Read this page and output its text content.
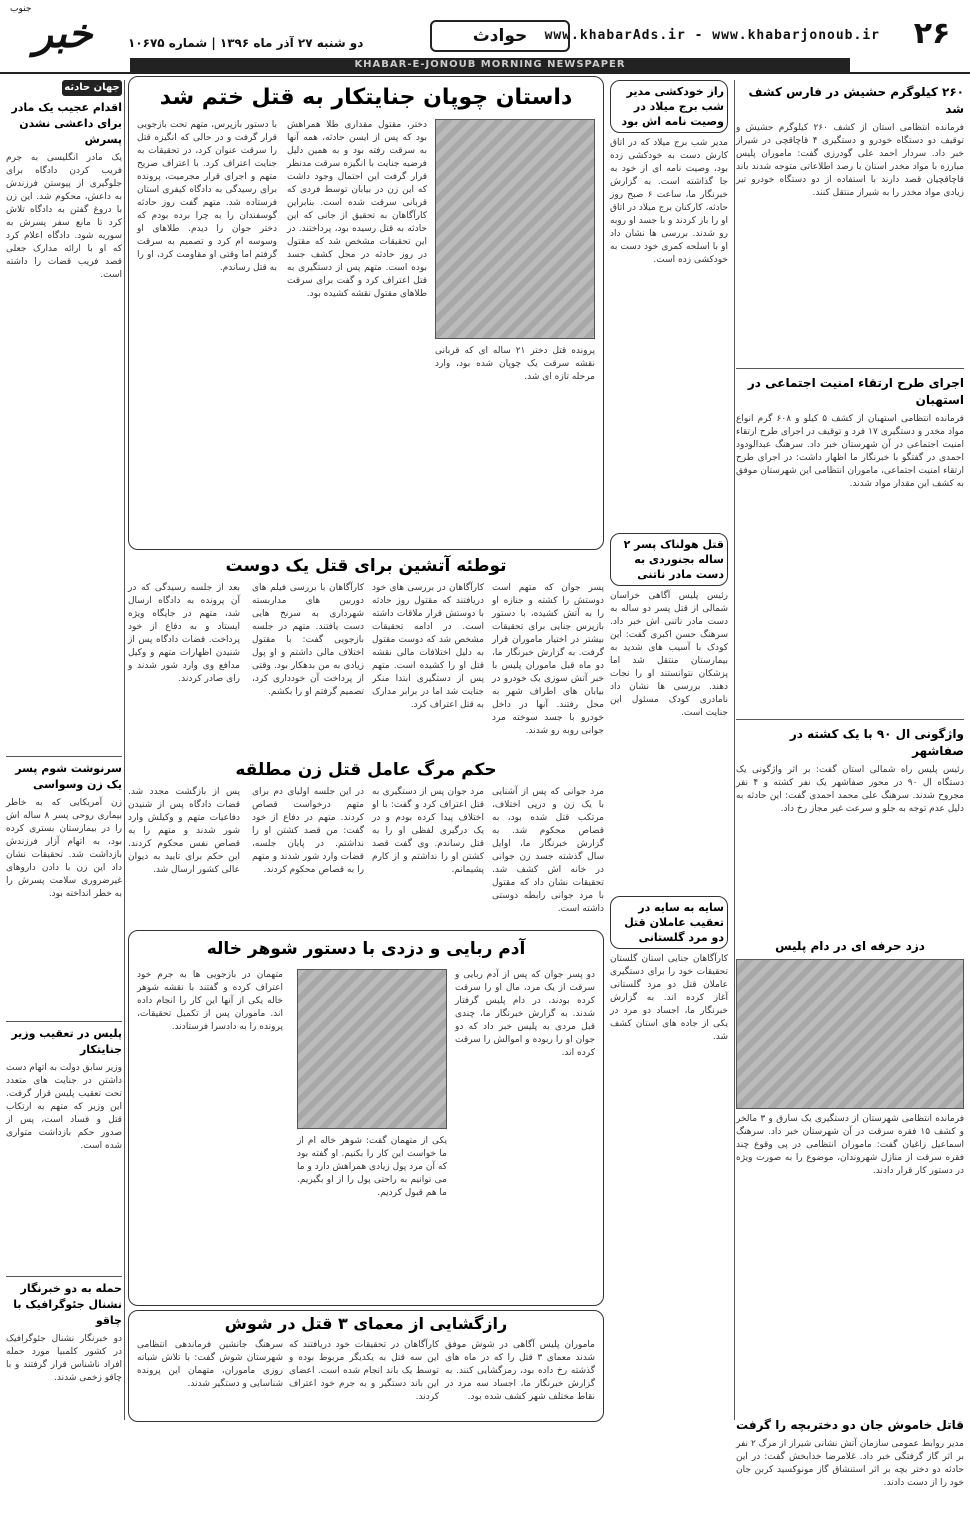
۲۶
www.khabarAds.ir - www.khabarjonoub.ir
حوادث
دو شنبه ۲۷ آذر ماه ۱۳۹۶ | شماره ۱۰۶۷۵
خبر
جنوب
KHABAR-E-JONOUB MORNING NEWSPAPER
۲۶۰ کیلوگرم حشیش در فارس کشف شد
فرمانده انتظامی استان از کشف ۲۶۰ کیلوگرم حشیش و توقیف دو دستگاه خودرو و دستگیری ۴ قاچاقچی در شیراز خبر داد. سردار احمد علی گودرزی گفت: ماموران پلیس مبارزه با مواد مخدر استان با رصد اطلاعاتی متوجه شدند باند قاچاقچیان قصد دارند با استفاده از دو دستگاه خودرو تیر زیادی مواد مخدر را به شیراز منتقل کنند.
اجرای طرح ارتقاء امنیت اجتماعی در استهبان
فرمانده انتظامی استهبان از کشف ۵ کیلو و ۶۰۸ گرم انواع مواد مخدر و دستگیری ۱۷ فرد و توقیف در اجرای طرح ارتقاء امنیت اجتماعی در آن شهرستان خبر داد. سرهنگ عبدالودود احمدی در گفتگو با خبرنگار ما اظهار داشت: در اجرای طرح ارتقاء امنیت اجتماعی، ماموران انتظامی این شهرستان موفق به کشف این مقدار مواد شدند.
واژگونی ال ۹۰ با یک کشته در صفاشهر
رئیس پلیس راه شمالی استان گفت: بر اثر واژگونی یک دستگاه ال ۹۰ در محور صفاشهر یک نفر کشته و ۴ نفر مجروح شدند. سرهنگ علی محمد احمدی گفت: این حادثه به دلیل عدم توجه به جلو و سرعت غیر مجاز رخ داد.
دزد حرفه ای در دام پلیس
فرمانده انتظامی شهرستان از دستگیری یک سارق و ۳ مالخر و کشف ۱۵ فقره سرقت در آن شهرستان خبر داد. سرهنگ اسماعیل زاغیان گفت: ماموران انتظامی در پی وقوع چند فقره سرقت از منازل شهروندان، موضوع را به صورت ویژه در دستور کار قرار دادند.
قاتل خاموش جان دو دختربچه را گرفت
مدیر روابط عمومی سازمان آتش نشانی شیراز از مرگ ۲ نفر بر اثر گاز گرفتگی خبر داد. غلامرضا خدابخش گفت: در این حادثه دو دختر بچه بر اثر استنشاق گاز مونوکسید کربن جان خود را از دست دادند.
راز خودکشی مدیر شب برج میلاد در وصیت نامه اش بود
مدیر شب برج میلاد که در اتاق کارش دست به خودکشی زده بود، وصیت نامه ای از خود به جا گذاشته است. به گزارش خبرنگار ما، ساعت ۶ صبح روز حادثه، کارکنان برج میلاد در اتاق او را باز کردند و با جسد او روبه رو شدند. بررسی ها نشان داد او با اسلحه کمری خود دست به خودکشی زده است.
قتل هولناک پسر ۲ ساله بجنوردی به دست مادر ناتنی
رئیس پلیس آگاهی خراسان شمالی از قتل پسر دو ساله به دست مادر ناتنی اش خبر داد. سرهنگ حسن اکبری گفت: این کودک با آسیب های شدید به بیمارستان منتقل شد اما پزشکان نتوانستند او را نجات دهند. بررسی ها نشان داد نامادری کودک مسئول این جنایت است.
سایه به سایه در تعقیب عاملان قتل دو مرد گلستانی
کارآگاهان جنایی استان گلستان تحقیقات خود را برای دستگیری عاملان قتل دو مرد گلستانی آغاز کرده اند. به گزارش خبرنگار ما، اجساد دو مرد در یکی از جاده های استان کشف شد.
داستان چوپان جنایتکار به قتل ختم شد
پرونده قتل دختر ۲۱ ساله ای که قربانی نقشه سرقت یک چوپان شده بود، وارد مرحله تازه ای شد.
دختر، مقتول مقداری طلا همراهش بود که پس از ایسن حادثه، همه آنها به سرقت رفته بود و به همین دلیل فرضیه جنایت با انگیزه سرقت مدنظر قرار گرفت این احتمال وجود داشت که این زن در بیابان توسط فردی که قربانی سرقت شده است. بنابراین کارآگاهان به تحقیق از جانی که این حادثه به قتل رسیده بود، پرداختند. در این تحقیقات مشخص شد که مقتول در روز حادثه در محل کشف جسد بوده است. متهم پس از دستگیری به قتل اعتراف کرد و گفت برای سرقت طلاهای مقتول نقشه کشیده بود.
با دستور بازپرس، متهم تحت بازجویی قرار گرفت و در حالی که انگیزه قتل را سرقت عنوان کرد، در تحقیقات به جنایت اعتراف کرد. با اعتراف صریح متهم و اجرای قرار مجرمیت، پرونده برای رسیدگی به دادگاه کیفری استان فرستاده شد. متهم گفت روز حادثه گوسفندان را به چرا برده بودم که دختر جوان را دیدم. طلاهای او وسوسه ام کرد و تصمیم به سرقت گرفتم اما وقتی او مقاومت کرد، او را به قتل رساندم.
توطئه آتشین برای قتل یک دوست
پسر جوان که متهم است دوستش را کشته و جنازه او را به آتش کشیده، با دستور بازپرس جنایی برای تحقیقات بیشتر در اختیار ماموران قرار گرفت. به گزارش خبرنگار ما، دو ماه قبل ماموران پلیس با خبر آتش سوزی یک خودرو در بیابان های اطراف شهر به محل رفتند. آنها در داخل خودرو با جسد سوخته مرد جوانی روبه رو شدند.
کارآگاهان در بررسی های خود دریافتند که مقتول روز حادثه با دوستش قرار ملاقات داشته است. در ادامه تحقیقات مشخص شد که دوست مقتول به دلیل اختلافات مالی نقشه قتل او را کشیده است. متهم پس از دستگیری ابتدا منکر جنایت شد اما در برابر مدارک به قتل اعتراف کرد.
کارآگاهان با بررسی فیلم های دوربین های مداربسته شهرداری به سرنخ هایی دست یافتند. متهم در جلسه بازجویی گفت: با مقتول اختلاف مالی داشتم و او پول زیادی به من بدهکار بود. وقتی از پرداخت آن خودداری کرد، تصمیم گرفتم او را بکشم.
بعد از جلسه رسیدگی که در آن پرونده به دادگاه ارسال شد، متهم در جایگاه ویژه ایستاد و به دفاع از خود پرداخت. قضات دادگاه پس از شنیدن اظهارات متهم و وکیل مدافع وی وارد شور شدند و رای صادر کردند.
حکم مرگ عامل قتل زن مطلقه
مرد جوانی که پس از آشنایی با یک زن و درپی اختلاف، مرتکب قتل شده بود، به قصاص محکوم شد. به گزارش خبرنگار ما، اوایل سال گذشته جسد زن جوانی در خانه اش کشف شد. تحقیقات نشان داد که مقتول با مرد جوانی رابطه دوستی داشته است.
مرد جوان پس از دستگیری به قتل اعتراف کرد و گفت: با او اختلاف پیدا کرده بودم و در یک درگیری لفظی او را به قتل رساندم. وی گفت قصد کشتن او را نداشتم و از کارم پشیمانم.
در این جلسه اولیای دم برای متهم درخواست قصاص کردند. متهم در دفاع از خود گفت: من قصد کشتن او را نداشتم. در پایان جلسه، قضات وارد شور شدند و متهم را به قصاص محکوم کردند.
پس از بازگشت مجدد شد. قضات دادگاه پس از شنیدن دفاعیات متهم و وکیلش وارد شور شدند و متهم را به قصاص نفس محکوم کردند. این حکم برای تایید به دیوان عالی کشور ارسال شد.
آدم ربایی و دزدی با دستور شوهر خاله
دو پسر جوان که پس از آدم ربایی و سرقت از یک مرد، مال او را سرقت کرده بودند، در دام پلیس گرفتار شدند. به گزارش خبرنگار ما، چندی قبل مردی به پلیس خبر داد که دو جوان او را ربوده و اموالش را سرقت کرده اند.
یکی از متهمان گفت: شوهر خاله ام از ما خواست این کار را بکنیم. او گفته بود که آن مرد پول زیادی همراهش دارد و ما می توانیم به راحتی پول را از او بگیریم. ما هم قبول کردیم.
متهمان در بازجویی ها به جرم خود اعتراف کرده و گفتند با نقشه شوهر خاله یکی از آنها این کار را انجام داده اند. ماموران پس از تکمیل تحقیقات، پرونده را به دادسرا فرستادند.
رازگشایی از معمای ۳ قتل در شوش
ماموران پلیس آگاهی در شوش موفق شدند معمای ۳ قتل را که در ماه های گذشته رخ داده بود، رمزگشایی کنند. به گزارش خبرنگار ما، اجساد سه مرد در نقاط مختلف شهر کشف شده بود.
کارآگاهان در تحقیقات خود دریافتند که این سه قتل به یکدیگر مربوط بوده و توسط یک باند انجام شده است. اعضای این باند دستگیر و به جرم خود اعتراف کردند.
سرهنگ جانشین فرماندهی انتظامی شهرستان شوش گفت: با تلاش شبانه روزی ماموران، متهمان این پرونده شناسایی و دستگیر شدند.
جهان حادثه
اقدام عجیب یک مادر برای داعشی نشدن پسرش
یک مادر انگلیسی به جرم فریب کردن دادگاه برای جلوگیری از پیوستن فرزندش به داعش، محکوم شد. این زن با دروغ گفتن به دادگاه تلاش کرد تا مانع سفر پسرش به سوریه شود. دادگاه اعلام کرد که او با ارائه مدارک جعلی قصد فریب قضات را داشته است.
سرنوشت شوم پسر یک زن وسواسی
زن آمریکایی که به خاطر بیماری روحی پسر ۸ ساله اش را در بیمارستان بستری کرده بود، به اتهام آزار فرزندش بازداشت شد. تحقیقات نشان داد این زن با دادن داروهای غیرضروری سلامت پسرش را به خطر انداخته بود.
پلیس در تعقیب وزیر جنایتکار
وزیر سابق دولت به اتهام دست داشتن در جنایت های متعدد تحت تعقیب پلیس قرار گرفت. این وزیر که متهم به ارتکاب قتل و فساد است، پس از صدور حکم بازداشت متواری شده است.
حمله به دو خبرنگار نشنال جئوگرافیک با چاقو
دو خبرنگار نشنال جئوگرافیک در کشور کلمبیا مورد حمله افراد ناشناس قرار گرفتند و با چاقو زخمی شدند.
